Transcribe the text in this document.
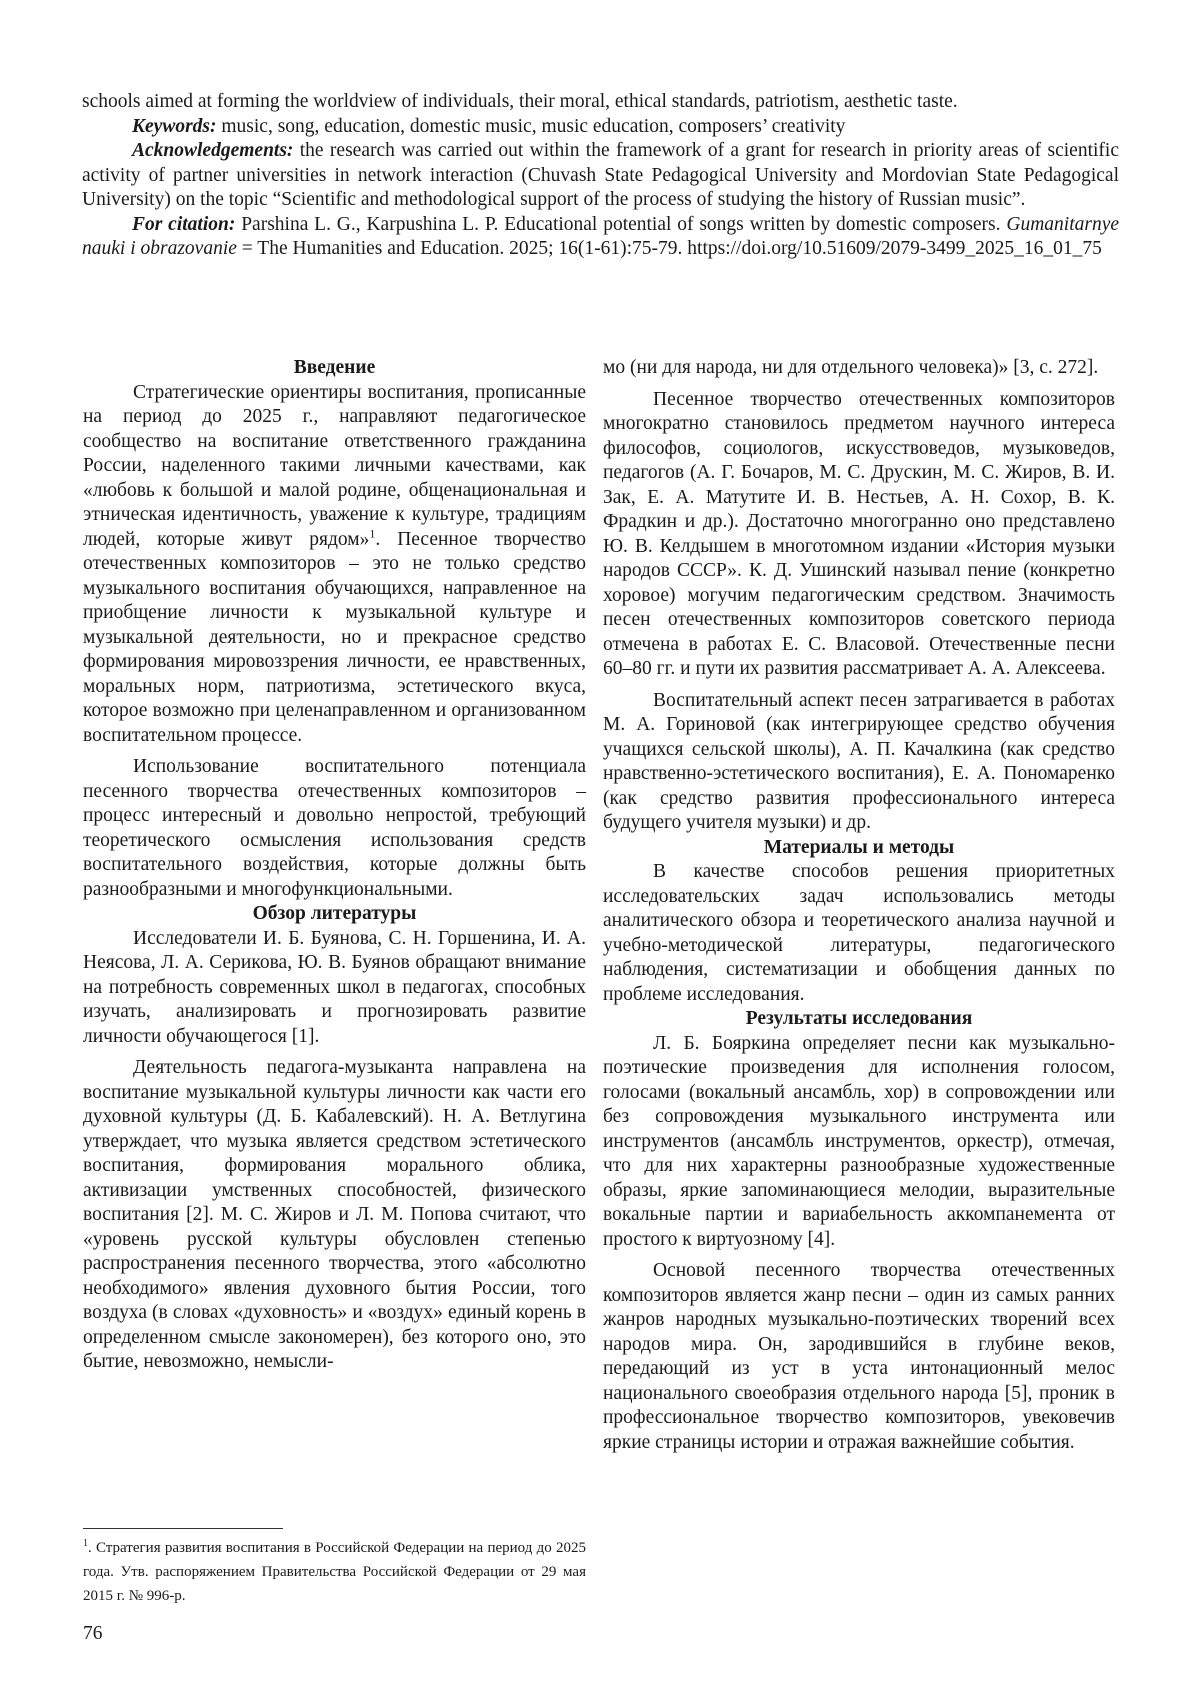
schools aimed at forming the worldview of individuals, their moral, ethical standards, patriotism, aesthetic taste.

Keywords: music, song, education, domestic music, music education, composers’ creativity

Acknowledgements: the research was carried out within the framework of a grant for research in priority areas of scientific activity of partner universities in network interaction (Chuvash State Pedagogical University and Mordovian State Pedagogical University) on the topic “Scientific and methodological support of the process of studying the history of Russian music”.

For citation: Parshina L. G., Karpushina L. P. Educational potential of songs written by domestic composers. Gumanitarnye nauki i obrazovanie = The Humanities and Education. 2025; 16(1-61):75-79. https://doi.org/10.51609/2079-3499_2025_16_01_75

Введение

Стратегические ориентиры воспитания, прописанные на период до 2025 г., направляют педагогическое сообщество на воспитание ответственного гражданина России, наделенного такими личными качествами, как «любовь к большой и малой родине, общенациональная и этническая идентичность, уважение к культуре, традициям людей, которые живут рядом»$^1$. Песенное творчество отечественных композиторов – это не только средство музыкального воспитания обучающихся, направленное на приобщение личности к музыкальной культуре и музыкальной деятельности, но и прекрасное средство формирования мировоззрения личности, ее нравственных, моральных норм, патриотизма, эстетического вкуса, которое возможно при целенаправленном и организованном воспитательном процессе.

Использование воспитательного потенциала песенного творчества отечественных композиторов – процесс интересный и довольно непростой, требующий теоретического осмысления использования средств воспитательного воздействия, которые должны быть разнообразными и многофункциональными.

Обзор литературы

Исследователи И. Б. Буянова, С. Н. Горшенина, И. А. Неясова, Л. А. Серикова, Ю. В. Буянов обращают внимание на потребность современных школ в педагогах, способных изучать, анализировать и прогнозировать развитие личности обучающегося [1].

Деятельность педагога-музыканта направлена на воспитание музыкальной культуры личности как части его духовной культуры (Д. Б. Кабалевский). Н. А. Ветлугина утверждает, что музыка является средством эстетического воспитания, формирования морального облика, активизации умственных способностей, физического воспитания [2]. М. С. Жиров и Л. М. Попова считают, что «уровень русской культуры обусловлен степенью распространения песенного творчества, этого «абсолютно необходимого» явления духовного бытия России, того воздуха (в словах «духовность» и «воздух» единый корень в определенном смысле закономерен), без которого оно, это бытие, невозможно, немысли-

мо (ни для народа, ни для отдельного человека)» [3, с. 272].

Песенное творчество отечественных композиторов многократно становилось предметом научного интереса философов, социологов, искусствоведов, музыковедов, педагогов (А. Г. Бочаров, М. С. Друскин, М. С. Жиров, В. И. Зак, Е. А. Матутите И. В. Нестьев, А. Н. Сохор, В. К. Фрадкин и др.). Достаточно многогранно оно представлено Ю. В. Келдышем в многотомном издании «История музыки народов СССР». К. Д. Ушинский называл пение (конкретно хоровое) могучим педагогическим средством. Значимость песен отечественных композиторов советского периода отмечена в работах Е. С. Власовой. Отечественные песни 60–80 гг. и пути их развития рассматривает А. А. Алексеева.

Воспитательный аспект песен затрагивается в работах М. А. Гориновой (как интегрирующее средство обучения учащихся сельской школы), А. П. Качалкина (как средство нравственно-эстетического воспитания), Е. А. Пономаренко (как средство развития профессионального интереса будущего учителя музыки) и др.

Материалы и методы

В качестве способов решения приоритетных исследовательских задач использовались методы аналитического обзора и теоретического анализа научной и учебно-методической литературы, педагогического наблюдения, систематизации и обобщения данных по проблеме исследования.

Результаты исследования

Л. Б. Бояркина определяет песни как музыкально-поэтические произведения для исполнения голосом, голосами (вокальный ансамбль, хор) в сопровождении или без сопровождения музыкального инструмента или инструментов (ансамбль инструментов, оркестр), отмечая, что для них характерны разнообразные художественные образы, яркие запоминающиеся мелодии, выразительные вокальные партии и вариабельность аккомпанемента от простого к виртуозному [4].

Основой песенного творчества отечественных композиторов является жанр песни – один из самых ранних жанров народных музыкально-поэтических творений всех народов мира. Он, зародившийся в глубине веков, передающий из уст в уста интонационный мелос национального своеобразия отдельного народа [5], проник в профессиональное творчество композиторов, увековечив яркие страницы истории и отражая важнейшие события.

$^1$. Стратегия развития воспитания в Российской Федерации на период до 2025 года. Утв. распоряжением Правительства Российской Федерации от 29 мая 2015 г. № 996-р.
76
